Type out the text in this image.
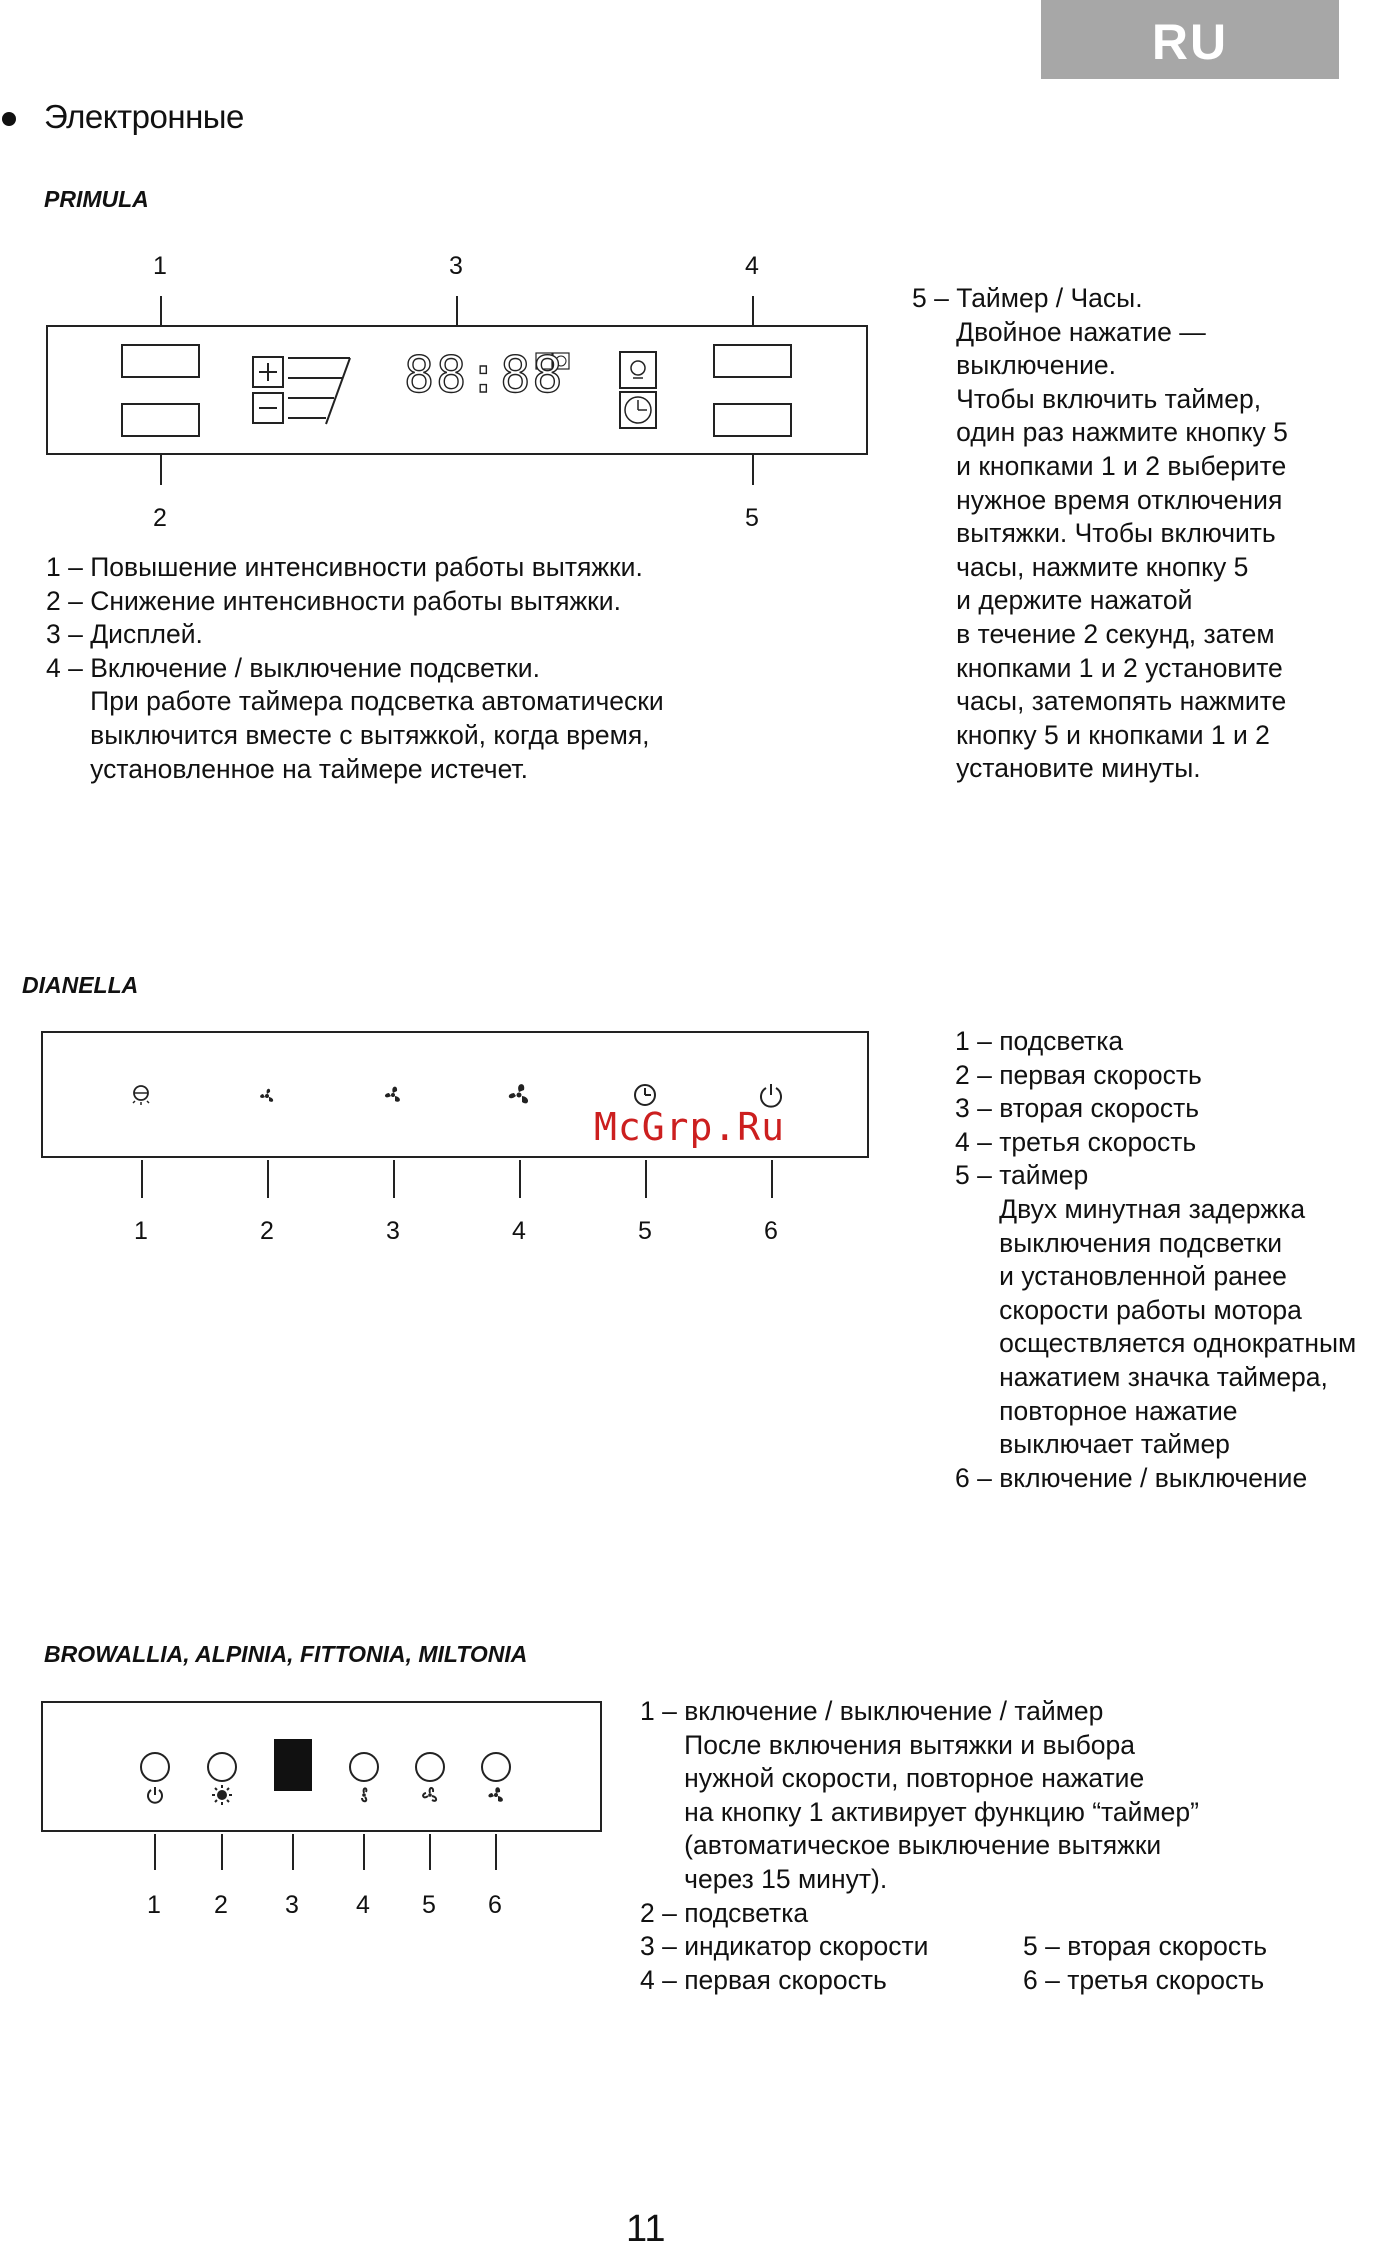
RU
Электронные
PRIMULA
1	3	4
88:88
2	5
1 – Повышение интенсивности работы вытяжки.
2 – Снижение интенсивности работы вытяжки.
3 – Дисплей.
4 – Включение / выключение подсветки.
При работе таймера подсветка автоматически
выключится вместе с вытяжкой, когда время,
установленное на таймере истечет.
5 – Таймер / Часы.
Двойное нажатие —
выключение.
Чтобы включить таймер,
один раз нажмите кнопку 5
и кнопками 1 и 2 выберите
нужное время отключения
вытяжки. Чтобы включить
часы, нажмите кнопку 5
и держите нажатой
в течение 2 секунд, затем
кнопками 1 и 2 установите
часы, затемопять нажмите
кнопку 5 и кнопками 1 и 2
установите минуты.
DIANELLA
1	2	3	4	5	6
McGrp.Ru
1 – подсветка
2 – первая скорость
3 – вторая скорость
4 – третья скорость
5 – таймер
Двух минутная задержка
выключения подсветки
и установленной ранее
скорости работы мотора
осществляется однократным
нажатием значка таймера,
повторное нажатие
выключает таймер
6 – включение / выключение
BROWALLIA, ALPINIA, FITTONIA, MILTONIA
1 2 3 4 5 6
1 – включение / выключение / таймер
После включения вытяжки и выбора
нужной скорости, повторное нажатие
на кнопку 1 активирует функцию “таймер”
(автоматическое выключение вытяжки
через 15 минут).
2 – подсветка
3 – индикатор скорости
4 – первая скорость
5 – вторая скорость
6 – третья скорость
11
